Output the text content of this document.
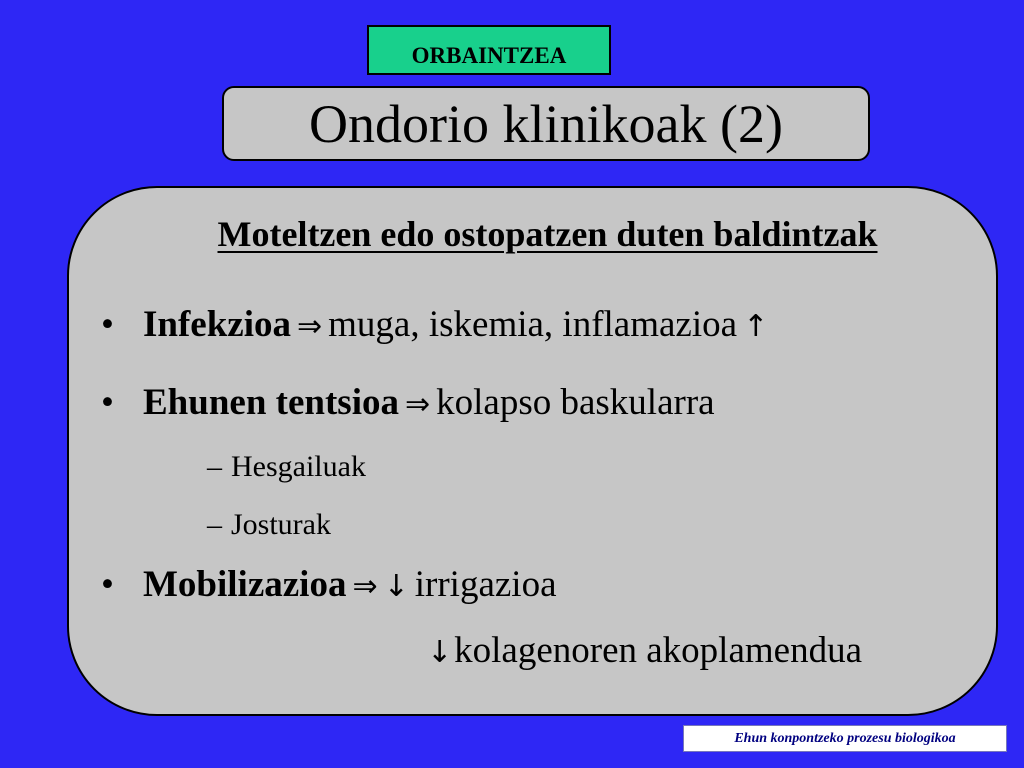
ORBAINTZEA
Ondorio klinikoak (2)
Moteltzen edo ostopatzen duten baldintzak
• Infekzioa ⇒ muga, iskemia, inflamazioa ↑
• Ehunen tentsioa ⇒ kolapso baskularra
– Hesgailuak
– Josturak
• Mobilizazioa ⇒ ↓ irrigazioa
↓kolagenoren akoplamendua
Ehun konpontzeko prozesu biologikoa
